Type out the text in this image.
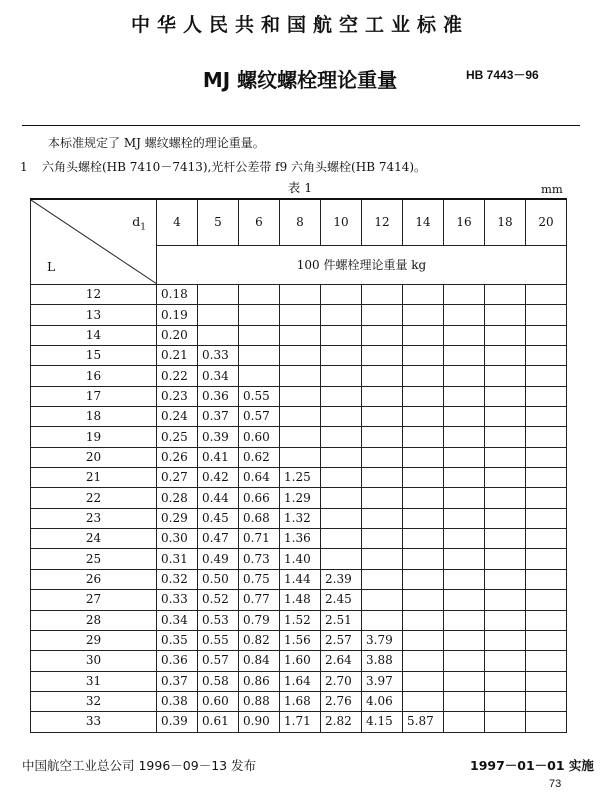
中华人民共和国航空工业标准
MJ 螺纹螺栓理论重量	HB 7443－96
本标准规定了 MJ 螺纹螺栓的理论重量。
1 六角头螺栓(HB 7410－7413),光杆公差带 f9 六角头螺栓(HB 7414)。
表 1	mm
$d_1$
L	4	5	6	8	10	12	14	16	18	20
	100 件螺栓理论重量 kg									
12	0.18									
13	0.19									
14	0.20									
15	0.21	0.33								
16	0.22	0.34								
17	0.23	0.36	0.55							
18	0.24	0.37	0.57							
19	0.25	0.39	0.60							
20	0.26	0.41	0.62							
21	0.27	0.42	0.64	1.25						
22	0.28	0.44	0.66	1.29						
23	0.29	0.45	0.68	1.32						
24	0.30	0.47	0.71	1.36						
25	0.31	0.49	0.73	1.40						
26	0.32	0.50	0.75	1.44	2.39					
27	0.33	0.52	0.77	1.48	2.45					
28	0.34	0.53	0.79	1.52	2.51					
29	0.35	0.55	0.82	1.56	2.57	3.79				
30	0.36	0.57	0.84	1.60	2.64	3.88				
31	0.37	0.58	0.86	1.64	2.70	3.97				
32	0.38	0.60	0.88	1.68	2.76	4.06				
33	0.39	0.61	0.90	1.71	2.82	4.15	5.87			
中国航空工业总公司 1996－09－13 发布	1997－01－01 实施
73
